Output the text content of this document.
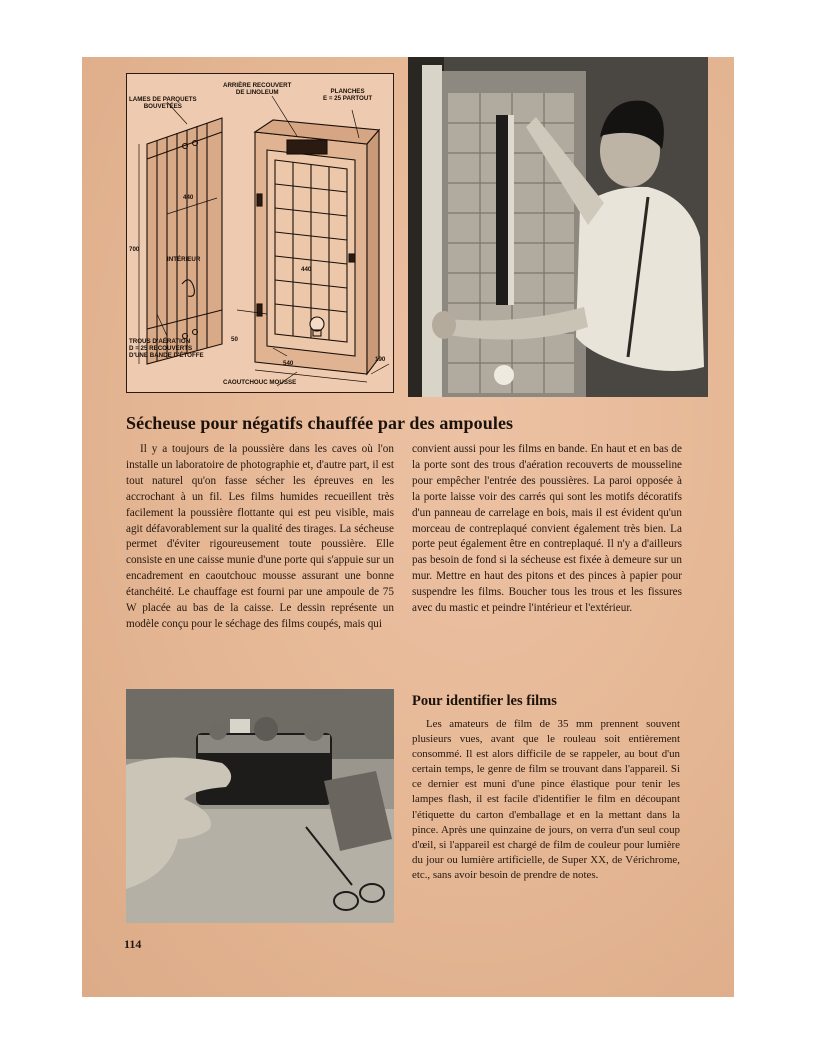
LAMES DE PARQUETS
BOUVETÉES
ARRIÈRE RECOUVERT
DE LINOLEUM	PLANCHES
E = 25 PARTOUT
440
700
INTÉRIEUR
440
TROUS D'AÉRATION
D = 25 RECOUVERTS
D'UNE BANDE D'ÉTOFFE
50
540
190
CAOUTCHOUC MOUSSE
Sécheuse pour négatifs chauffée par des ampoules

Il y a toujours de la poussière dans les caves où l'on installe un laboratoire de photographie et, d'autre part, il est tout naturel qu'on fasse sécher les épreuves en les accrochant à un fil. Les films humides recueillent très facilement la poussière flottante qui est peu visible, mais agit défavorablement sur la qualité des tirages. La sécheuse permet d'éviter rigoureusement toute poussière. Elle consiste en une caisse munie d'une porte qui s'appuie sur un encadrement en caoutchouc mousse assurant une bonne étanchéité. Le chauffage est fourni par une ampoule de 75 W placée au bas de la caisse. Le dessin représente un modèle conçu pour le séchage des films coupés, mais qui

convient aussi pour les films en bande. En haut et en bas de la porte sont des trous d'aération recouverts de mousseline pour empêcher l'entrée des poussières. La paroi opposée à la porte laisse voir des carrés qui sont les motifs décoratifs d'un panneau de carrelage en bois, mais il est évident qu'un morceau de contreplaqué convient également très bien. La porte peut également être en contreplaqué. Il n'y a d'ailleurs pas besoin de fond si la sécheuse est fixée à demeure sur un mur. Mettre en haut des pitons et des pinces à papier pour suspendre les films. Boucher tous les trous et les fissures avec du mastic et peindre l'intérieur et l'extérieur.

Pour identifier les films

Les amateurs de film de 35 mm prennent souvent plusieurs vues, avant que le rouleau soit entièrement consommé. Il est alors difficile de se rappeler, au bout d'un certain temps, le genre de film se trouvant dans l'appareil. Si ce dernier est muni d'une pince élastique pour tenir les lampes flash, il est facile d'identifier le film en découpant l'étiquette du carton d'emballage et en la mettant dans la pince. Après une quinzaine de jours, on verra d'un seul coup d'œil, si l'appareil est chargé de film de couleur pour lumière du jour ou lumière artificielle, de Super XX, de Vérichrome, etc., sans avoir besoin de prendre de notes.

114
